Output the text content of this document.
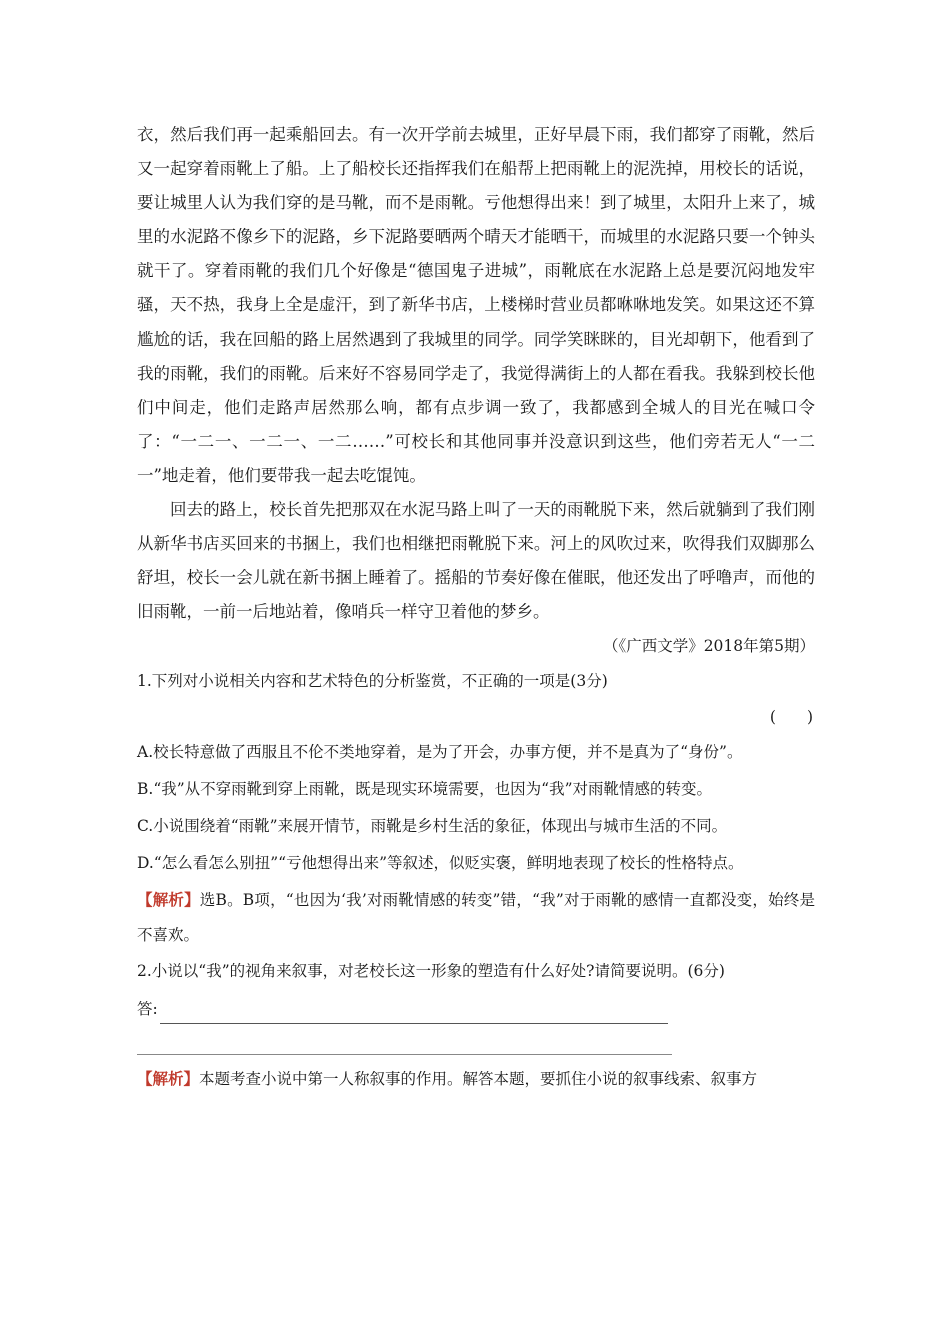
衣，然后我们再一起乘船回去。有一次开学前去城里，正好早晨下雨，我们都穿了雨靴，然后又一起穿着雨靴上了船。上了船校长还指挥我们在船帮上把雨靴上的泥洗掉，用校长的话说，要让城里人认为我们穿的是马靴，而不是雨靴。亏他想得出来！到了城里，太阳升上来了，城里的水泥路不像乡下的泥路，乡下泥路要晒两个晴天才能晒干，而城里的水泥路只要一个钟头就干了。穿着雨靴的我们几个好像是“德国鬼子进城”，雨靴底在水泥路上总是要沉闷地发牢骚，天不热，我身上全是虚汗，到了新华书店，上楼梯时营业员都咻咻地发笑。如果这还不算尴尬的话，我在回船的路上居然遇到了我城里的同学。同学笑眯眯的，目光却朝下，他看到了我的雨靴，我们的雨靴。后来好不容易同学走了，我觉得满街上的人都在看我。我躲到校长他们中间走，他们走路声居然那么响，都有点步调一致了，我都感到全城人的目光在喊口令了：“一二一、一二一、一二……”可校长和其他同事并没意识到这些，他们旁若无人“一二一”地走着，他们要带我一起去吃馄饨。

回去的路上，校长首先把那双在水泥马路上叫了一天的雨靴脱下来，然后就躺到了我们刚从新华书店买回来的书捆上，我们也相继把雨靴脱下来。河上的风吹过来，吹得我们双脚那么舒坦，校长一会儿就在新书捆上睡着了。摇船的节奏好像在催眠，他还发出了呼噜声，而他的旧雨靴，一前一后地站着，像哨兵一样守卫着他的梦乡。

（《广西文学》2018年第5期）

1.下列对小说相关内容和艺术特色的分析鉴赏，不正确的一项是(3分)

(　　)

A.校长特意做了西服且不伦不类地穿着，是为了开会，办事方便，并不是真为了“身份”。

B.“我”从不穿雨靴到穿上雨靴，既是现实环境需要，也因为“我”对雨靴情感的转变。

C.小说围绕着“雨靴”来展开情节，雨靴是乡村生活的象征，体现出与城市生活的不同。

D.“怎么看怎么别扭”“亏他想得出来”等叙述，似贬实褒，鲜明地表现了校长的性格特点。

【解析】选B。B项，“也因为‘我’对雨靴情感的转变”错，“我”对于雨靴的感情一直都没变，始终是不喜欢。

2.小说以“我”的视角来叙事，对老校长这一形象的塑造有什么好处?请简要说明。(6分)

答:

【解析】本题考查小说中第一人称叙事的作用。解答本题，要抓住小说的叙事线索、叙事方
